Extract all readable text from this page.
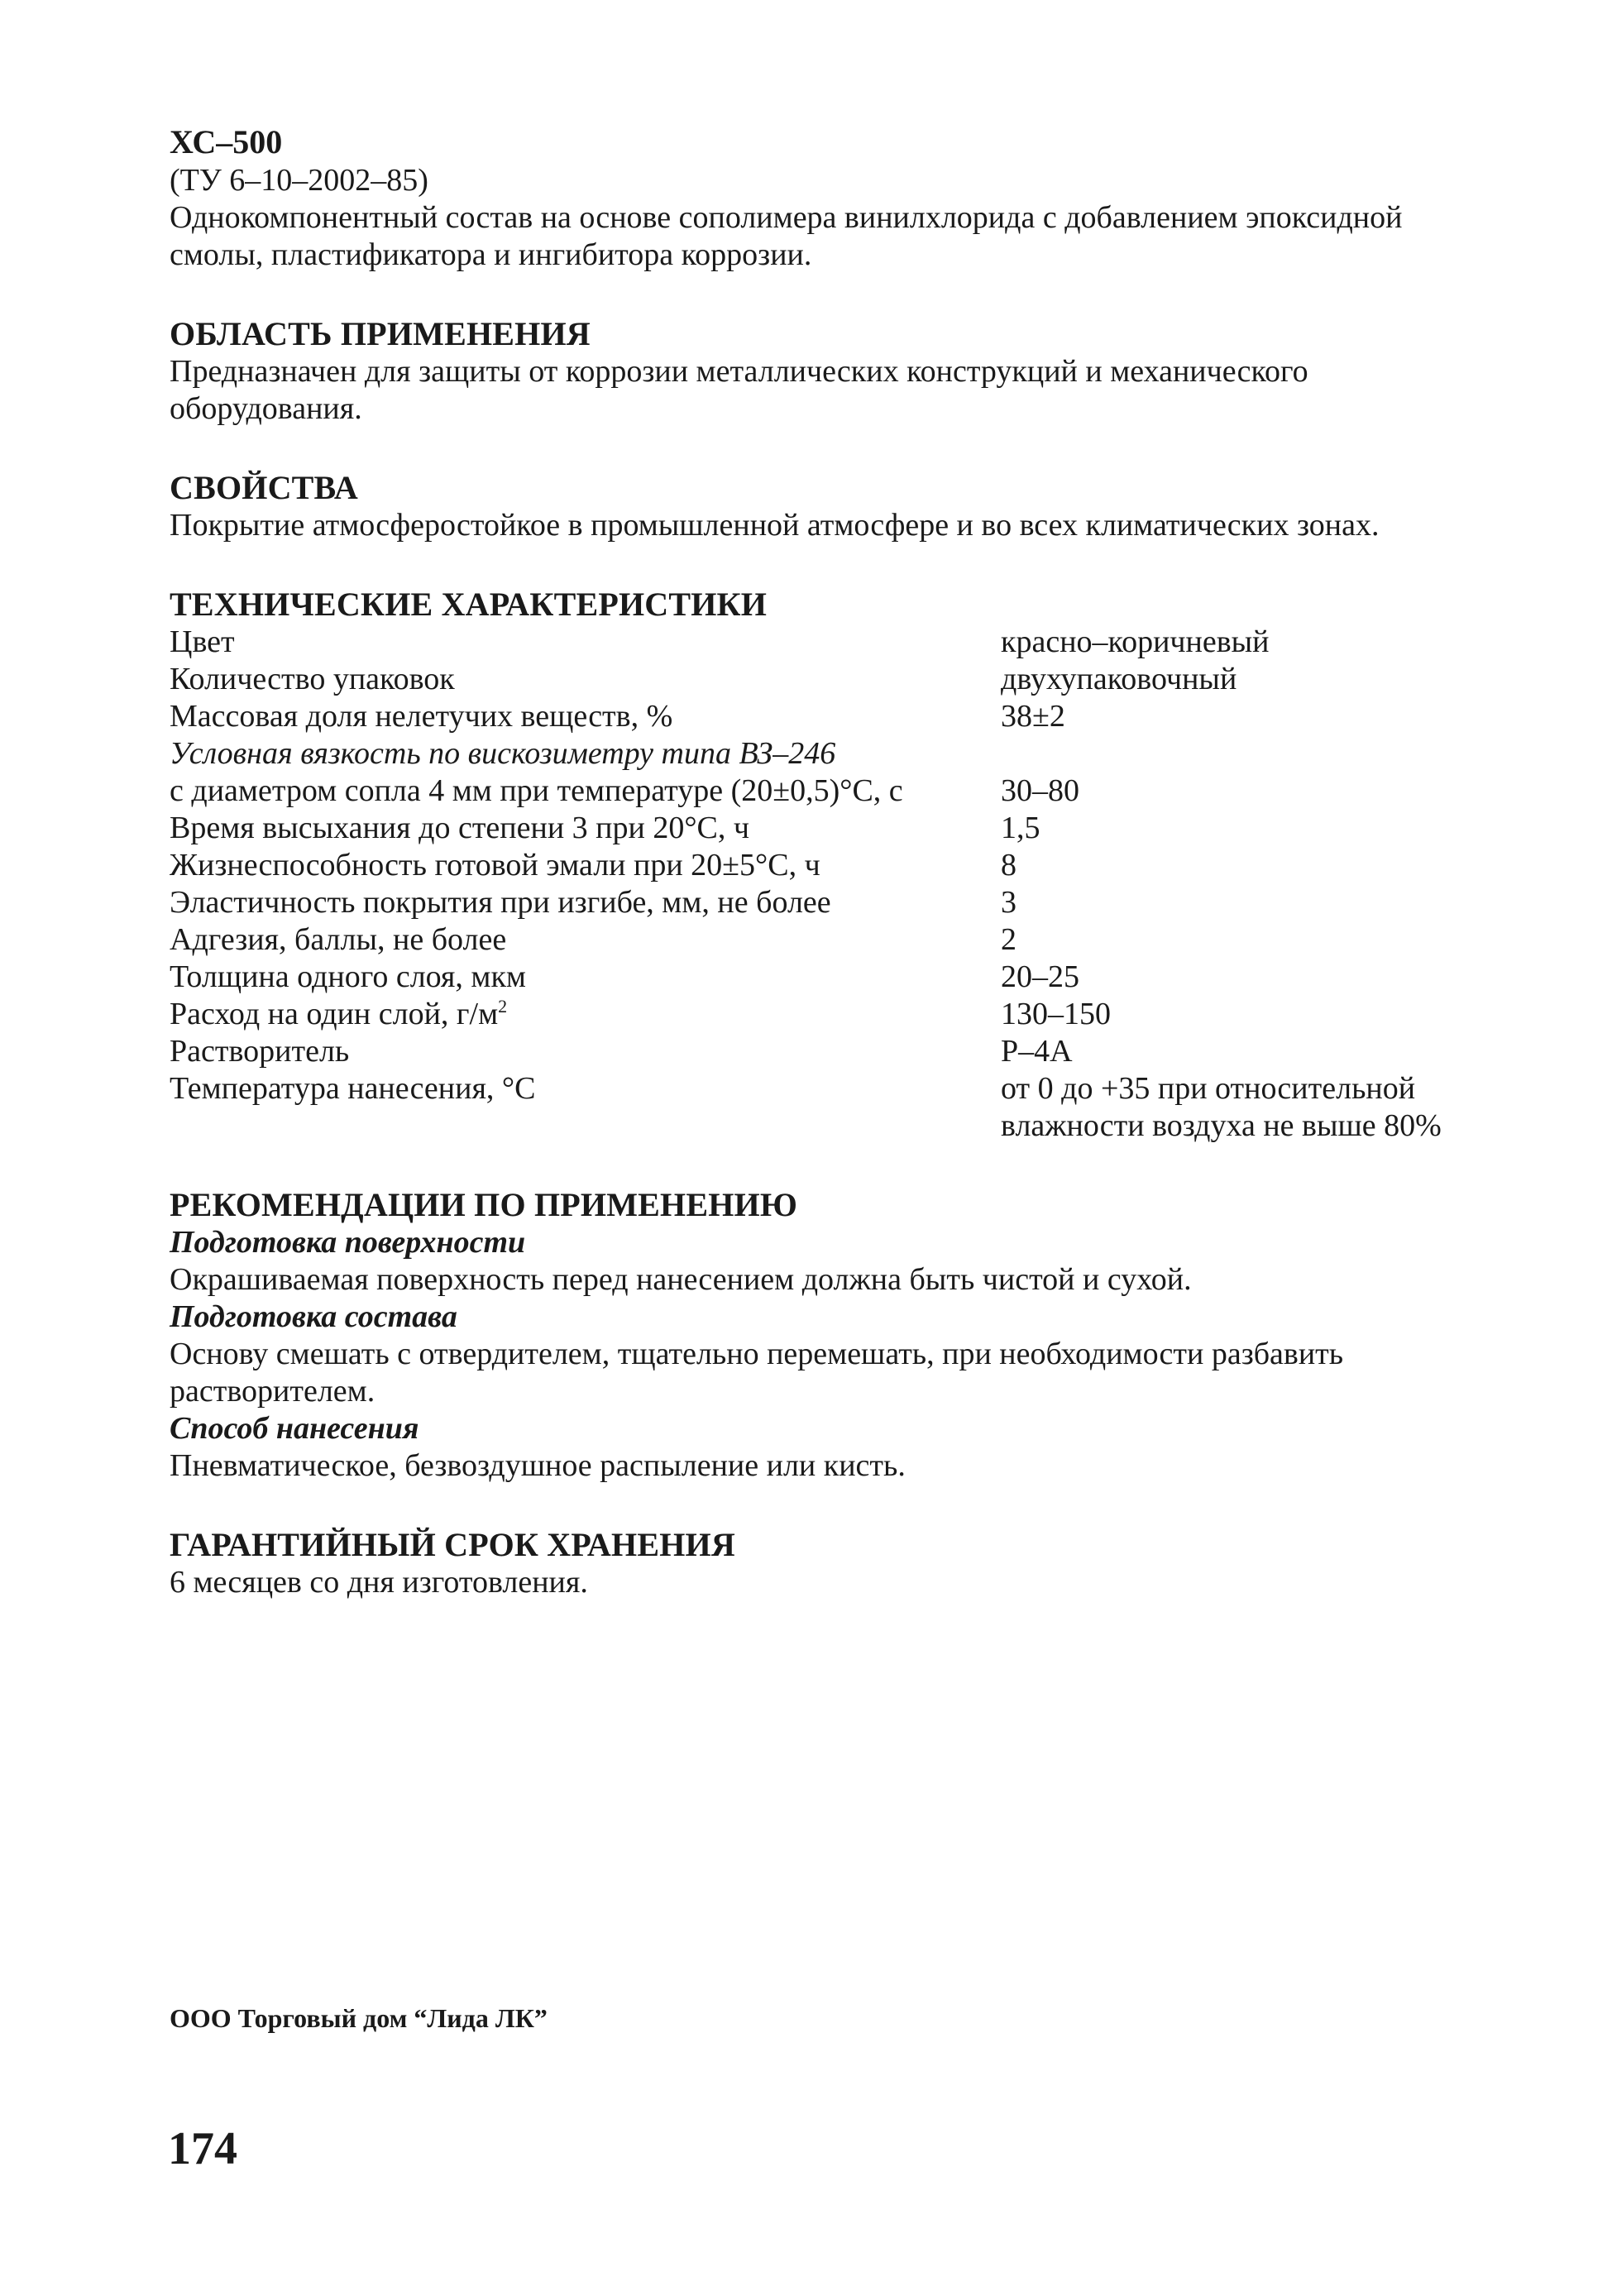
ХС–500

(ТУ 6–10–2002–85)

Однокомпонентный состав на основе сополимера винилхлорида с добавлением эпоксидной смолы, пластификатора и ингибитора коррозии.

ОБЛАСТЬ ПРИМЕНЕНИЯ

Предназначен для защиты от коррозии металлических конструкций и механического оборудования.

СВОЙСТВА

Покрытие атмосферостойкое в промышленной атмосфере и во всех климатических зонах.

ТЕХНИЧЕСКИЕ ХАРАКТЕРИСТИКИ
Цвет	красно–коричневый
Количество упаковок	двухупаковочный
Массовая доля нелетучих веществ, %	38±2
Условная вязкость по вискозиметру типа ВЗ–246
с диаметром сопла 4 мм при температуре (20±0,5)°С, с	30–80
Время высыхания до степени 3 при 20°С, ч	1,5
Жизнеспособность готовой эмали при 20±5°С, ч	8
Эластичность покрытия при изгибе, мм, не более	3
Адгезия, баллы, не более	2
Толщина одного слоя, мкм	20–25
Расход на один слой, $г/м^2$	130–150
Растворитель	Р–4А
Температура нанесения, °С	от 0 до +35 при относительной влажности воздуха не выше 80%
РЕКОМЕНДАЦИИ ПО ПРИМЕНЕНИЮ
Подготовка поверхности

Окрашиваемая поверхность перед нанесением должна быть чистой и сухой.

Подготовка состава

Основу смешать с отвердителем, тщательно перемешать, при необходимости разбавить растворителем.

Способ нанесения

Пневматическое, безвоздушное распыление или кисть.

ГАРАНТИЙНЫЙ СРОК ХРАНЕНИЯ

6 месяцев со дня изготовления.

ООО Торговый дом “Лида ЛК”
174
